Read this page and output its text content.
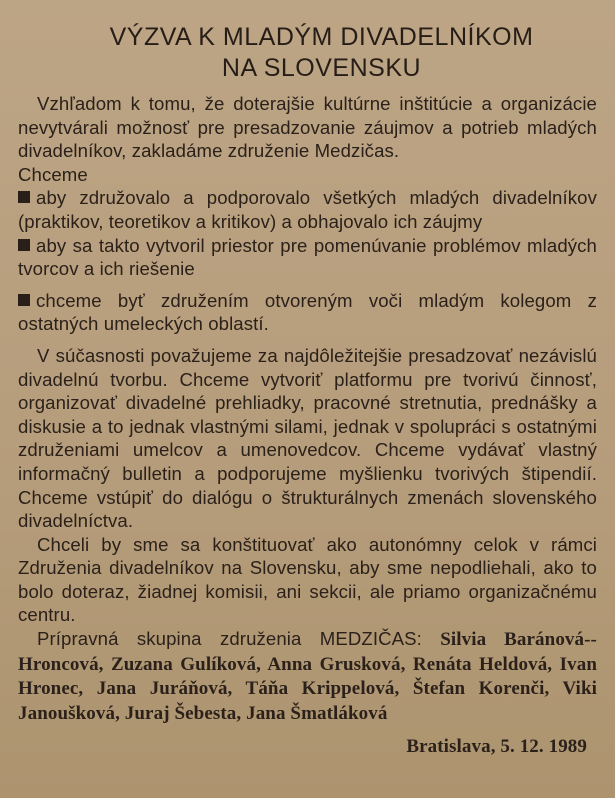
VÝZVA K MLADÝM DIVADELNÍKOM
NA SLOVENSKU

Vzhľadom k tomu, že doterajšie kultúrne inštitúcie a organizácie nevytvárali možnosť pre presadzovanie záujmov a potrieb mladých divadelníkov, zakladáme združenie Medzičas.

Chceme

aby združovalo a podporovalo všetkých mladých divadelníkov (praktikov, teoretikov a kritikov) a obhajovalo ich záujmy

aby sa takto vytvoril priestor pre pomenúvanie problémov mladých tvorcov a ich riešenie

chceme byť združením otvoreným voči mladým kolegom z ostatných umeleckých oblastí.

V súčasnosti považujeme za najdôležitejšie presadzovať nezávislú divadelnú tvorbu. Chceme vytvoriť platformu pre tvorivú činnosť, organizovať divadelné prehliadky, pracovné stretnutia, prednášky a diskusie a to jednak vlastnými silami, jednak v spolupráci s ostatnými združeniami umelcov a umenovedcov. Chceme vydávať vlastný informačný bulletin a podporujeme myšlienku tvorivých štipendií. Chceme vstúpiť do dialógu o štrukturálnych zmenách slovenského divadelníctva.

Chceli by sme sa konštituovať ako autonómny celok v rámci Združenia divadelníkov na Slovensku, aby sme nepodliehali, ako to bolo doteraz, žiadnej komisii, ani sekcii, ale priamo organizačnému centru.

Prípravná skupina združenia MEDZIČAS: Silvia Baránová--Hroncová, Zuzana Gulíková, Anna Grusková, Renáta Heldová, Ivan Hronec, Jana Juráňová, Táňa Krippelová, Štefan Korenči, Viki Janoušková, Juraj Šebesta, Jana Šmatláková

Bratislava, 5. 12. 1989
